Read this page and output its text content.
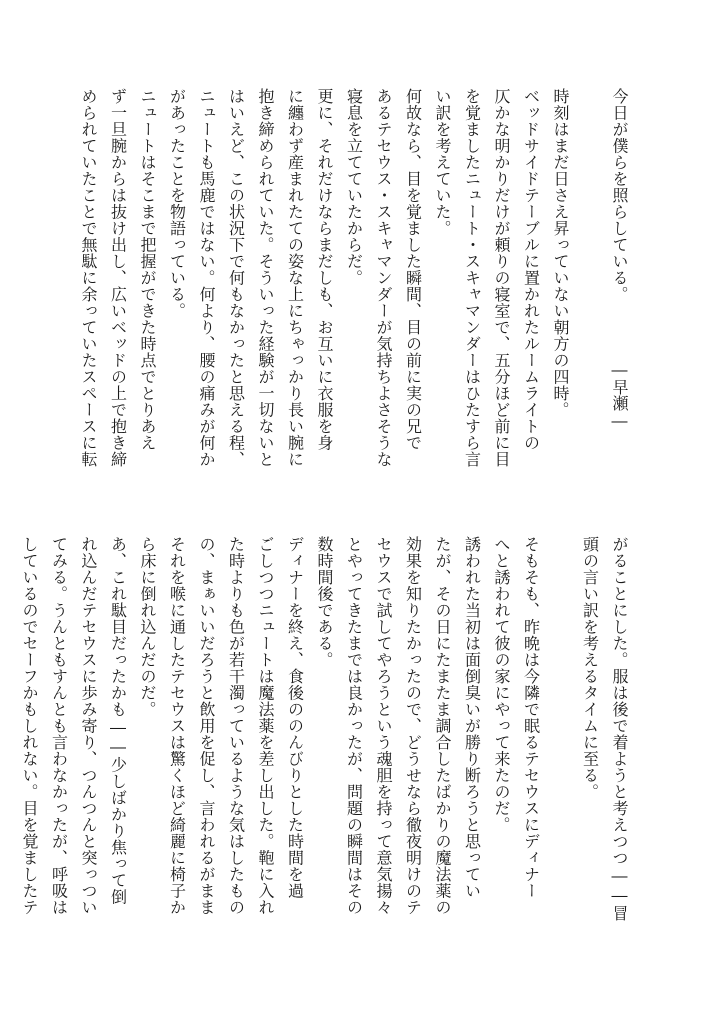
今日が僕らを照らしている。

時刻はまだ日さえ昇っていない朝方の四時。

ベッドサイドテーブルに置かれたルームライトの

仄かな明かりだけが頼りの寝室で、五分ほど前に目

を覚ましたニュート・スキャマンダーはひたすら言

い訳を考えていた。

何故なら、目を覚ました瞬間、目の前に実の兄で

あるテセウス・スキャマンダーが気持ちよさそうな

寝息を立てていたからだ。

更に、それだけならまだしも、お互いに衣服を身

に纏わず産まれたての姿な上にちゃっかり長い腕に

抱き締められていた。そういった経験が一切ないと

はいえど、この状況下で何もなかったと思える程、

ニュートも馬鹿ではない。何より、腰の痛みが何か

があったことを物語っている。

ニュートはそこまで把握ができた時点でとりあえ

ず一旦腕からは抜け出し、広いベッドの上で抱き締

められていたことで無駄に余っていたスペースに転	―早瀬―

がることにした。服は後で着ようと考えつつ――冒

頭の言い訳を考えるタイムに至る。

そもそも、昨晩は今隣で眠るテセウスにディナー

へと誘われて彼の家にやって来たのだ。

誘われた当初は面倒臭いが勝り断ろうと思ってい

たが、その日にたまたま調合したばかりの魔法薬の

効果を知りたかったので、どうせなら徹夜明けのテ

セウスで試してやろうという魂胆を持って意気揚々

とやってきたまでは良かったが、問題の瞬間はその

数時間後である。

ディナーを終え、食後ののんびりとした時間を過

ごしつつニュートは魔法薬を差し出した。鞄に入れ

た時よりも色が若干濁っているような気はしたもの

の、まぁいいだろうと飲用を促し、言われるがまま

それを喉に通したテセウスは驚くほど綺麗に椅子か

ら床に倒れ込んだのだ。

あ、これ駄目だったかも――少しばかり焦って倒

れ込んだテセウスに歩み寄り、つんつんと突っつい

てみる。うんともすんとも言わなかったが、呼吸は

しているのでセーフかもしれない。目を覚ましたテ
